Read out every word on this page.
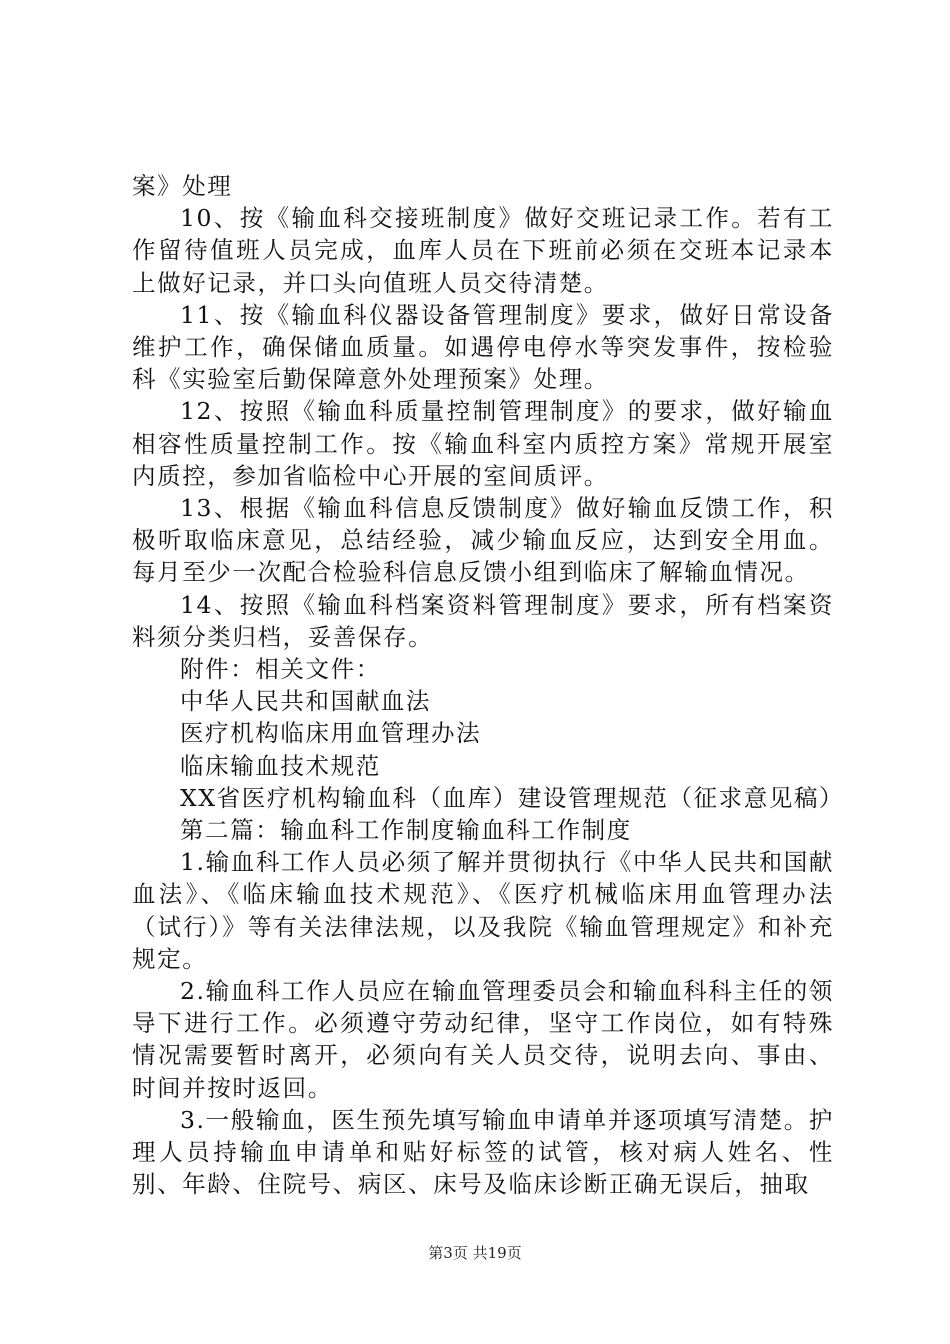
案》处理

10、按《输血科交接班制度》做好交班记录工作。若有工作留待值班人员完成，血库人员在下班前必须在交班本记录本上做好记录，并口头向值班人员交待清楚。

11、按《输血科仪器设备管理制度》要求，做好日常设备维护工作，确保储血质量。如遇停电停水等突发事件，按检验科《实验室后勤保障意外处理预案》处理。

12、按照《输血科质量控制管理制度》的要求，做好输血相容性质量控制工作。按《输血科室内质控方案》常规开展室内质控，参加省临检中心开展的室间质评。

13、根据《输血科信息反馈制度》做好输血反馈工作，积极听取临床意见，总结经验，减少输血反应，达到安全用血。每月至少一次配合检验科信息反馈小组到临床了解输血情况。

14、按照《输血科档案资料管理制度》要求，所有档案资料须分类归档，妥善保存。

附件：相关文件：

中华人民共和国献血法

医疗机构临床用血管理办法

临床输血技术规范

XX省医疗机构输血科（血库）建设管理规范（征求意见稿）

第二篇：输血科工作制度输血科工作制度

1.输血科工作人员必须了解并贯彻执行《中华人民共和国献血法》、《临床输血技术规范》、《医疗机械临床用血管理办法（试行）》等有关法律法规，以及我院《输血管理规定》和补充规定。

2.输血科工作人员应在输血管理委员会和输血科科主任的领导下进行工作。必须遵守劳动纪律，坚守工作岗位，如有特殊情况需要暂时离开，必须向有关人员交待，说明去向、事由、时间并按时返回。

3.一般输血，医生预先填写输血申请单并逐项填写清楚。护理人员持输血申请单和贴好标签的试管，核对病人姓名、性别、年龄、住院号、病区、床号及临床诊断正确无误后，抽取

第3页 共19页
